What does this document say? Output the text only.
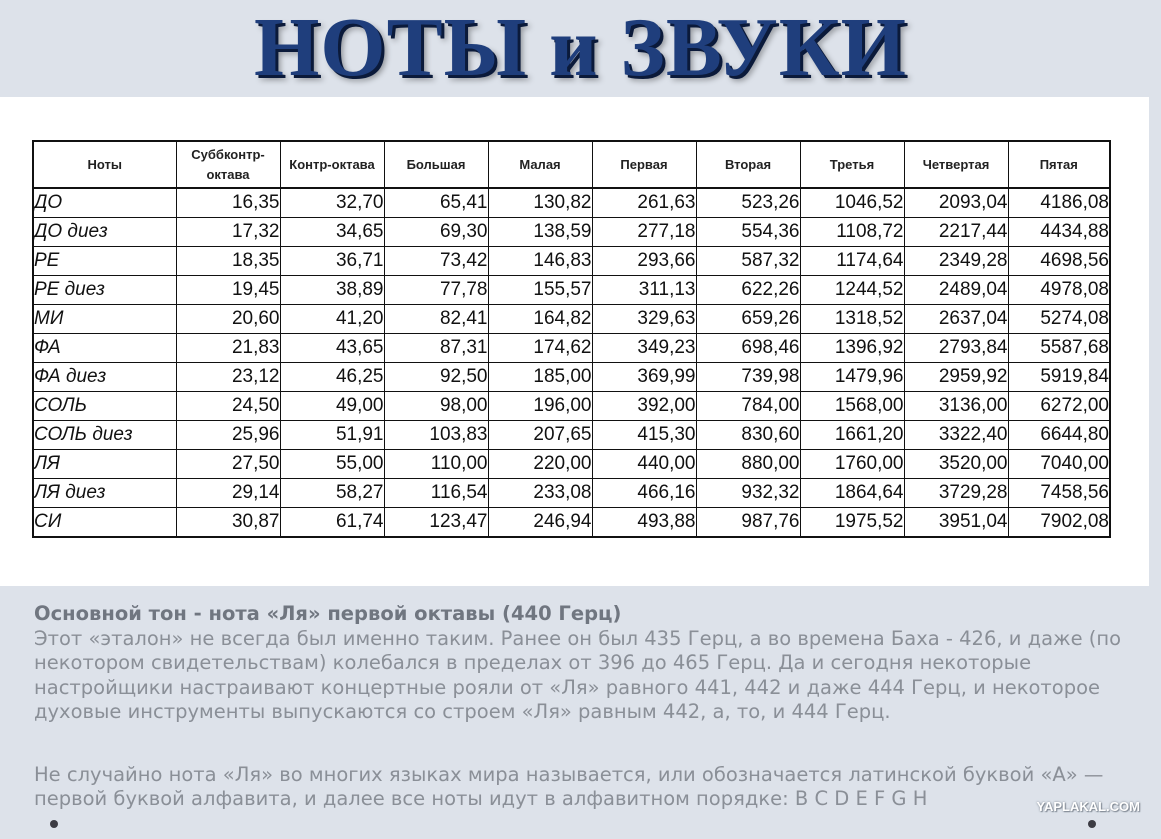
НОТЫ и ЗВУКИ
Ноты	Суббконтр-октава	Контр-октава	Большая	Малая	Первая	Вторая	Третья	Четвертая	Пятая
ДО	16,35	32,70	65,41	130,82	261,63	523,26	1046,52	2093,04	4186,08
ДО диез	17,32	34,65	69,30	138,59	277,18	554,36	1108,72	2217,44	4434,88
РЕ	18,35	36,71	73,42	146,83	293,66	587,32	1174,64	2349,28	4698,56
РЕ диез	19,45	38,89	77,78	155,57	311,13	622,26	1244,52	2489,04	4978,08
МИ	20,60	41,20	82,41	164,82	329,63	659,26	1318,52	2637,04	5274,08
ФА	21,83	43,65	87,31	174,62	349,23	698,46	1396,92	2793,84	5587,68
ФА диез	23,12	46,25	92,50	185,00	369,99	739,98	1479,96	2959,92	5919,84
СОЛЬ	24,50	49,00	98,00	196,00	392,00	784,00	1568,00	3136,00	6272,00
СОЛЬ диез	25,96	51,91	103,83	207,65	415,30	830,60	1661,20	3322,40	6644,80
ЛЯ	27,50	55,00	110,00	220,00	440,00	880,00	1760,00	3520,00	7040,00
ЛЯ диез	29,14	58,27	116,54	233,08	466,16	932,32	1864,64	3729,28	7458,56
СИ	30,87	61,74	123,47	246,94	493,88	987,76	1975,52	3951,04	7902,08

Основной тон - нота «Ля» первой октавы (440 Герц)

Этот «эталон» не всегда был именно таким. Ранее он был 435 Герц, а во времена Баха - 426, и даже (по некотором свидетельствам) колебался в пределах от 396 до 465 Герц. Да и сегодня некоторые настройщики настраивают концертные рояли от «Ля» равного 441, 442 и даже 444 Герц, и некоторое духовые инструменты выпускаются со строем «Ля» равным 442, а, то, и 444 Герц.

Не случайно нота «Ля» во многих языках мира называется, или обозначается латинской буквой «А» — первой буквой алфавита, и далее все ноты идут в алфавитном порядке: B C D E F G H	YAPLAKAL.COM
